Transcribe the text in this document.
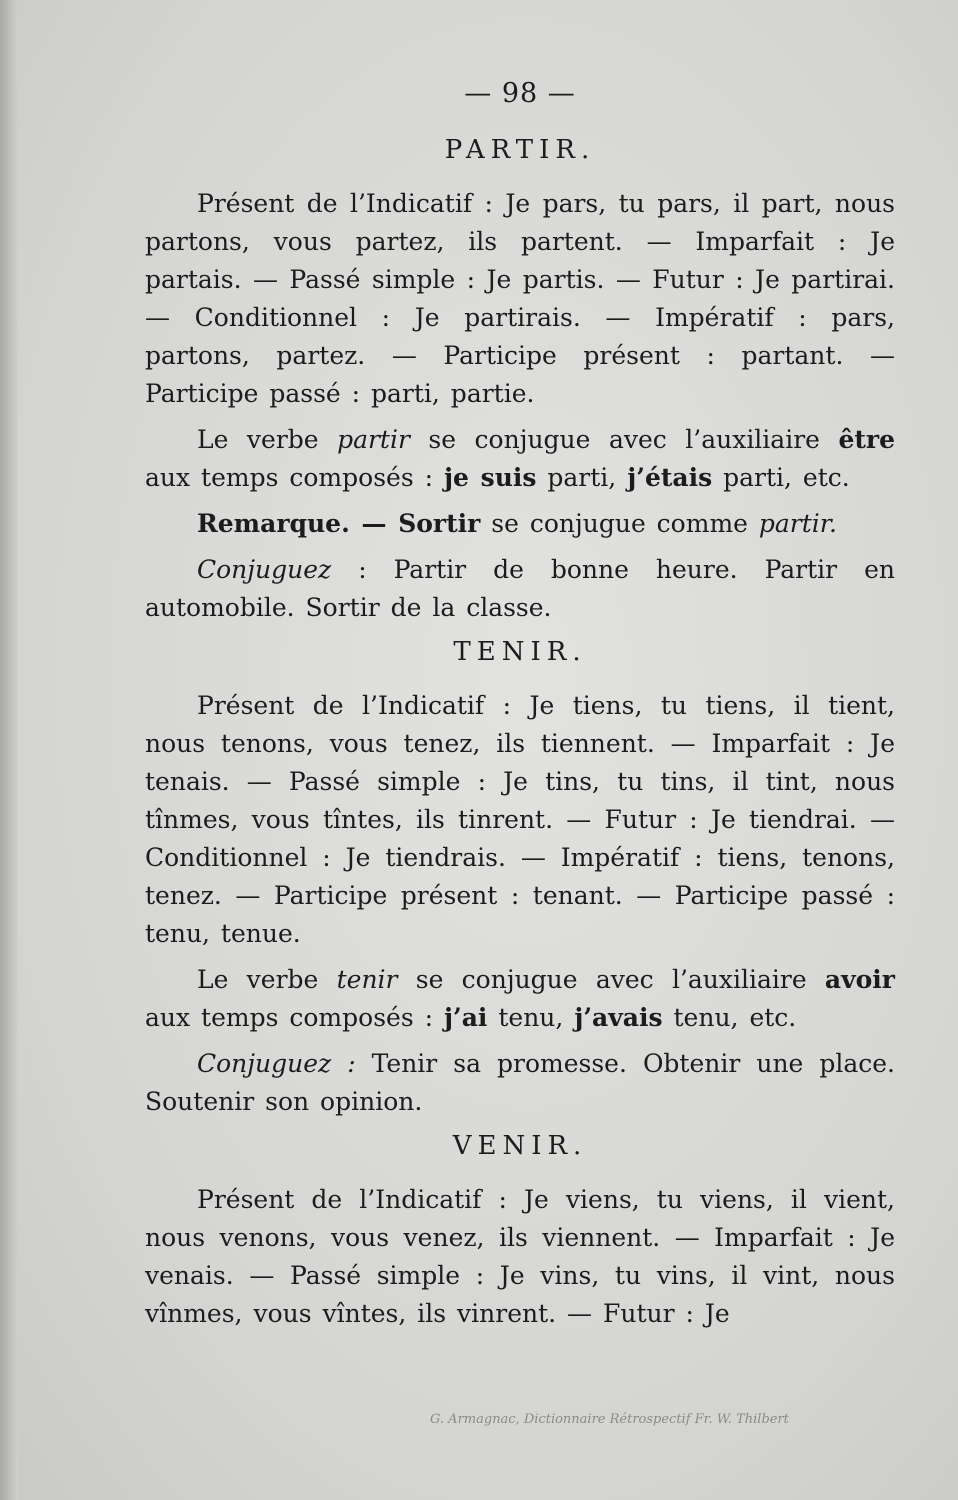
— 98 —
PARTIR.

Présent de l’Indicatif : Je pars, tu pars, il part, nous partons, vous partez, ils partent. — Imparfait : Je partais. — Passé simple : Je partis. — Futur : Je partirai. — Conditionnel : Je partirais. — Impératif : pars, partons, partez. — Participe présent : partant. — Participe passé : parti, partie.

Le verbe partir se conjugue avec l’auxiliaire être aux temps composés : je suis parti, j’étais parti, etc.

Remarque. — Sortir se conjugue comme partir.

Conjuguez : Partir de bonne heure. Partir en automobile. Sortir de la classe.

TENIR.

Présent de l’Indicatif : Je tiens, tu tiens, il tient, nous tenons, vous tenez, ils tiennent. — Imparfait : Je tenais. — Passé simple : Je tins, tu tins, il tint, nous tînmes, vous tîntes, ils tinrent. — Futur : Je tiendrai. — Conditionnel : Je tiendrais. — Impératif : tiens, tenons, tenez. — Participe présent : tenant. — Participe passé : tenu, tenue.

Le verbe tenir se conjugue avec l’auxiliaire avoir aux temps composés : j’ai tenu, j’avais tenu, etc.

Conjuguez : Tenir sa promesse. Obtenir une place. Soutenir son opinion.

VENIR.

Présent de l’Indicatif : Je viens, tu viens, il vient, nous venons, vous venez, ils viennent. — Imparfait : Je venais. — Passé simple : Je vins, tu vins, il vint, nous vînmes, vous vîntes, ils vinrent. — Futur : Je

G. Armagnac, Dictionnaire Rétrospectif Fr. W. Thilbert
